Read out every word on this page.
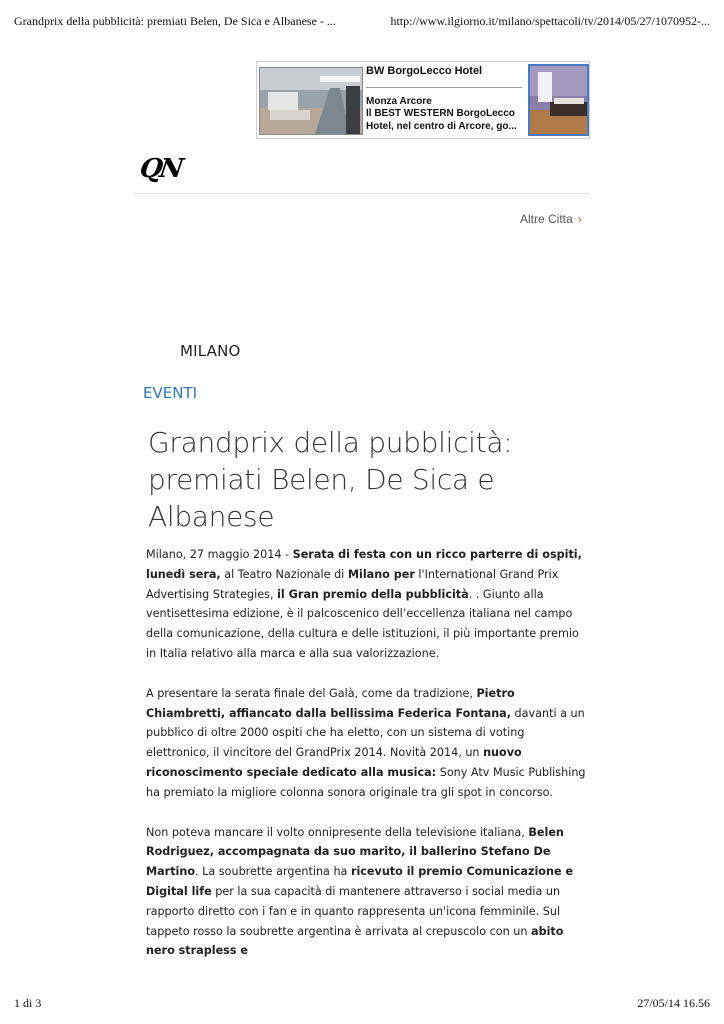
Grandprix della pubblicità: premiati Belen, De Sica e Albanese - ...	http://www.ilgiorno.it/milano/spettacoli/tv/2014/05/27/1070952-...
BW BorgoLecco Hotel
Monza Arcore
Il BEST WESTERN BorgoLecco Hotel, nel centro di Arcore, go...
QN
Altre Citta ›
MILANO
EVENTI
Grandprix della pubblicità: premiati Belen, De Sica e Albanese

Milano, 27 maggio 2014 - Serata di festa con un ricco parterre di ospiti, lunedì sera, al Teatro Nazionale di Milano per l'International Grand Prix Advertising Strategies, il Gran premio della pubblicità. . Giunto alla ventisettesima edizione, è il palcoscenico dell’eccellenza italiana nel campo della comunicazione, della cultura e delle istituzioni, il più importante premio in Italia relativo alla marca e alla sua valorizzazione.

A presentare la serata finale del Galà, come da tradizione, Pietro Chiambretti, affiancato dalla bellissima Federica Fontana, davanti a un pubblico di oltre 2000 ospiti che ha eletto, con un sistema di voting elettronico, il vincitore del GrandPrix 2014. Novità 2014, un nuovo riconoscimento speciale dedicato alla musica: Sony Atv Music Publishing ha premiato la migliore colonna sonora originale tra gli spot in concorso.

Non poteva mancare il volto onnipresente della televisione italiana, Belen Rodriguez, accompagnata da suo marito, il ballerino Stefano De Martino. La soubrette argentina ha ricevuto il premio Comunicazione e Digital life per la sua capacità di mantenere attraverso i social media un rapporto diretto con i fan e in quanto rappresenta un'icona femminile. Sul tappeto rosso la soubrette argentina è arrivata al crepuscolo con un abito nero strapless e

1 di 3	27/05/14 16.56
